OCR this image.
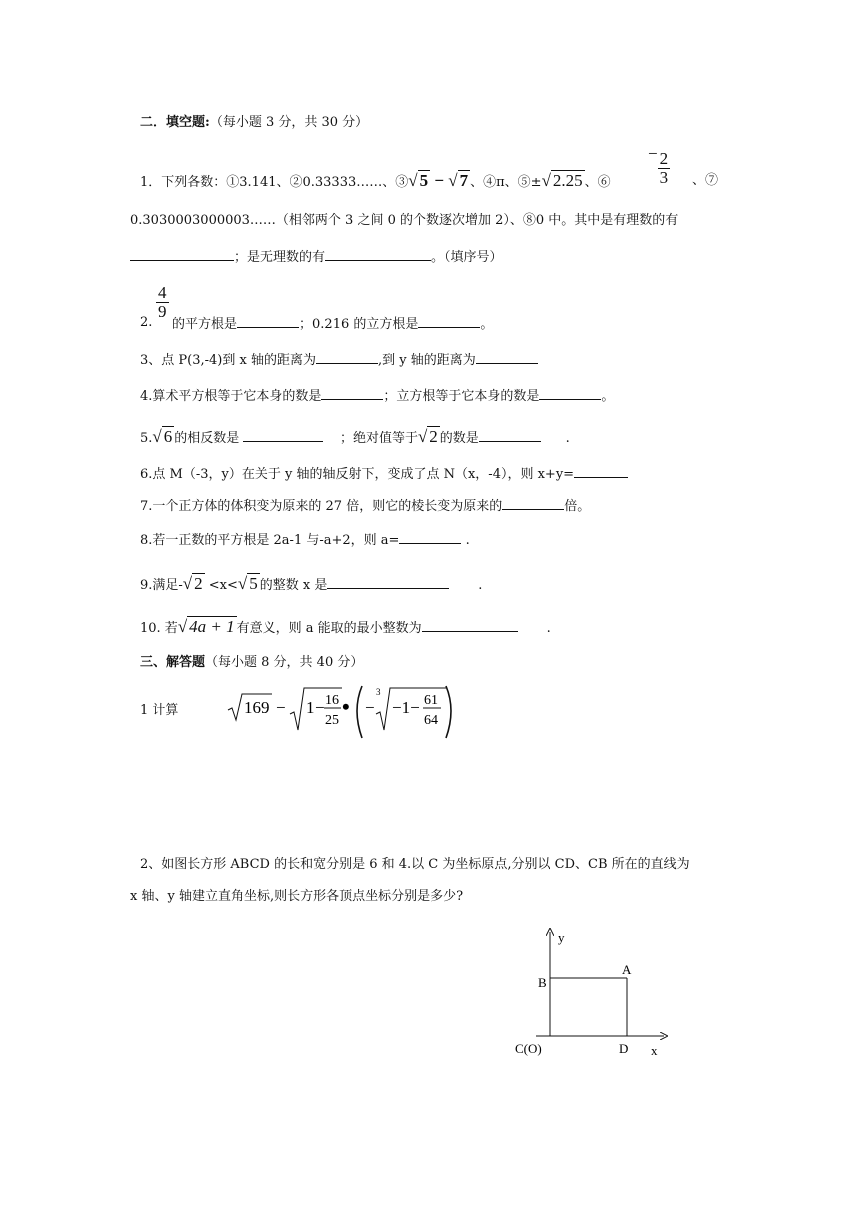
二．填空题:（每小题 3 分，共 30 分）
1．下列各数：①3.141、②0.33333……、③√ 5 − √ 7 、④π、⑤±√ 2.25 、⑥
− $\frac{2}{3}$ 、⑦
0.3030003000003……（相邻两个 3 之间 0 的个数逐次增加 2）、⑧0 中。其中是有理数的有
；是无理数的有	。（填序号）
$\frac{4}{9}$
2. 的平方根是	；0.216 的立方根是	。
3、点 P(3,-4)到 x 轴的距离为	,到 y 轴的距离为
4.算术平方根等于它本身的数是	；立方根等于它本身的数是	。
5.√ 6 的相反数是	；绝对值等于√ 2 的数是	.
6.点 M（-3，y）在关于 y 轴的轴反射下，变成了点 N（x，-4），则 x+y=
7.一个正方体的体积变为原来的 27 倍，则它的棱长变为原来的	倍。
8.若一正数的平方根是 2a-1 与-a+2，则 a=	.
9.满足-√ 2 <x<√ 5 的整数 x 是	.
10. 若√ 4a + 1 有意义，则 a 能取的最小整数为	.
三、解答题（每小题 8 分，共 40 分）
1 计算	169 − 1 − 16
25
• −
3
−1− 61
64
2、如图长方形 ABCD 的长和宽分别是 6 和 4.以 C 为坐标原点,分别以 CD、CB 所在的直线为
x 轴、y 轴建立直角坐标,则长方形各顶点坐标分别是多少?
y
x
A
B
C(O)	D
